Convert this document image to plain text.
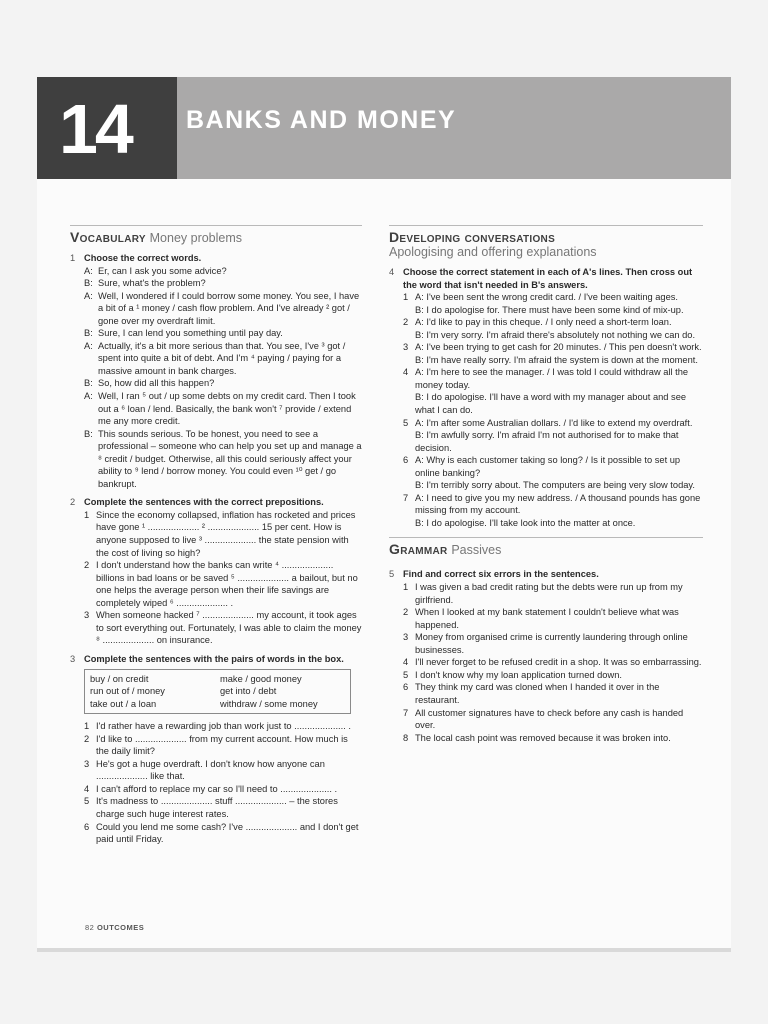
14 BANKS AND MONEY
Vocabulary Money problems
1 Choose the correct words.
A: Er, can I ask you some advice?
B: Sure, what's the problem?
A: Well, I wondered if I could borrow some money. You see, I have a bit of a ¹ money / cash flow problem. And I've already ² got / gone over my overdraft limit.
B: Sure, I can lend you something until pay day.
A: Actually, it's a bit more serious than that. You see, I've ³ got / spent into quite a bit of debt. And I'm ⁴ paying / paying for a massive amount in bank charges.
B: So, how did all this happen?
A: Well, I ran ⁵ out / up some debts on my credit card. Then I took out a ⁶ loan / lend. Basically, the bank won't ⁷ provide / extend me any more credit.
B: This sounds serious. To be honest, you need to see a professional – someone who can help you set up and manage a ⁸ credit / budget. Otherwise, all this could seriously affect your ability to ⁹ lend / borrow money. You could even ¹⁰ get / go bankrupt.
2 Complete the sentences with the correct prepositions.
1 Since the economy collapsed, inflation has rocketed and prices have gone ¹ .................... ² .................... 15 per cent. How is anyone supposed to live ³ .................... the state pension with the cost of living so high?
2 I don't understand how the banks can write ⁴ .................... billions in bad loans or be saved ⁵ .................... a bailout, but no one helps the average person when their life savings are completely wiped ⁶ .................... .
3 When someone hacked ⁷ .................... my account, it took ages to sort everything out. Fortunately, I was able to claim the money ⁸ .................... on insurance.
3 Complete the sentences with the pairs of words in the box.
buy / on credit	make / good money
run out of / money	get into / debt
take out / a loan	withdraw / some money
1 I'd rather have a rewarding job than work just to .................... .
2 I'd like to .................... from my current account. How much is the daily limit?
3 He's got a huge overdraft. I don't know how anyone can .................... like that.
4 I can't afford to replace my car so I'll need to .................... .
5 It's madness to .................... stuff .................... – the stores charge such huge interest rates.
6 Could you lend me some cash? I've .................... and I don't get paid until Friday.
Developing conversations
Apologising and offering explanations
4 Choose the correct statement in each of A's lines. Then cross out the word that isn't needed in B's answers.
1 A: I've been sent the wrong credit card. / I've been waiting ages.
B: I do apologise for. There must have been some kind of mix-up.
2 A: I'd like to pay in this cheque. / I only need a short-term loan.
B: I'm very sorry. I'm afraid there's absolutely not nothing we can do.
3 A: I've been trying to get cash for 20 minutes. / This pen doesn't work.
B: I'm have really sorry. I'm afraid the system is down at the moment.
4 A: I'm here to see the manager. / I was told I could withdraw all the money today.
B: I do apologise. I'll have a word with my manager about and see what I can do.
5 A: I'm after some Australian dollars. / I'd like to extend my overdraft.
B: I'm awfully sorry. I'm afraid I'm not authorised for to make that decision.
6 A: Why is each customer taking so long? / Is it possible to set up online banking?
B: I'm terribly sorry about. The computers are being very slow today.
7 A: I need to give you my new address. / A thousand pounds has gone missing from my account.
B: I do apologise. I'll take look into the matter at once.
Grammar Passives
5 Find and correct six errors in the sentences.
1 I was given a bad credit rating but the debts were run up from my girlfriend.
2 When I looked at my bank statement I couldn't believe what was happened.
3 Money from organised crime is currently laundering through online businesses.
4 I'll never forget to be refused credit in a shop. It was so embarrassing.
5 I don't know why my loan application turned down.
6 They think my card was cloned when I handed it over in the restaurant.
7 All customer signatures have to check before any cash is handed over.
8 The local cash point was removed because it was broken into.
82 OUTCOMES
